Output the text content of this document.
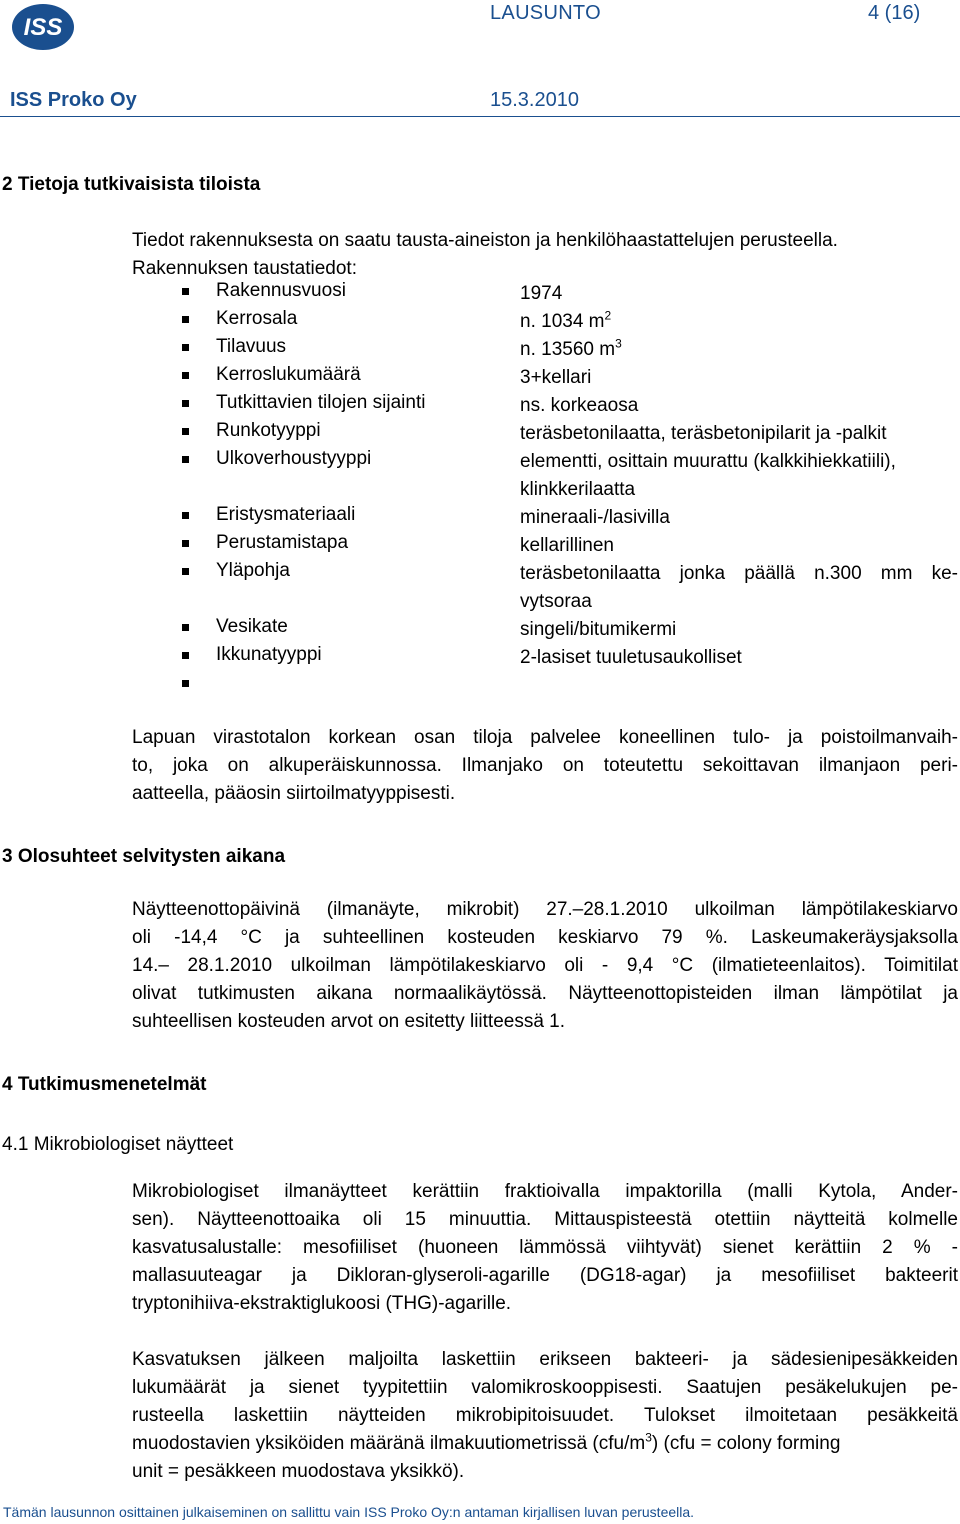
ISS
LAUSUNTO	4 (16)
ISS Proko Oy	15.3.2010
2 Tietoja tutkivaisista tiloista
Tiedot rakennuksesta on saatu tausta-aineiston ja henkilöhaastattelujen perusteella.
Rakennuksen taustatiedot:
Rakennusvuosi	1974
Kerrosala	n. 1034 $m^2$
Tilavuus	n. 13560 $m^3$
Kerroslukumäärä	3+kellari
Tutkittavien tilojen sijainti	ns. korkeaosa
Runkotyyppi	teräsbetonilaatta, teräsbetonipilarit ja -palkit
Ulkoverhoustyyppi	elementti, osittain muurattu (kalkkihiekkatiili),
klinkkerilaatta
Eristysmateriaali	mineraali-/lasivilla
Perustamistapa	kellarillinen
Yläpohja	teräsbetonilaatta jonka päällä n.300 mm ke-
vytsoraa
Vesikate	singeli/bitumikermi
Ikkunatyyppi	2-lasiset tuuletusaukolliset
Lapuan virastotalon korkean osan tiloja palvelee koneellinen tulo- ja poistoilmanvaih-
to, joka on alkuperäiskunnossa. Ilmanjako on toteutettu sekoittavan ilmanjaon peri-
aatteella, pääosin siirtoilmatyyppisesti.
3 Olosuhteet selvitysten aikana
Näytteenottopäivinä (ilmanäyte, mikrobit) 27.–28.1.2010 ulkoilman lämpötilakeskiarvo
oli -14,4 °C ja suhteellinen kosteuden keskiarvo 79 %. Laskeumakeräysjaksolla
14.– 28.1.2010 ulkoilman lämpötilakeskiarvo oli - 9,4 °C (ilmatieteenlaitos). Toimitilat
olivat tutkimusten aikana normaalikäytössä. Näytteenottopisteiden ilman lämpötilat ja
suhteellisen kosteuden arvot on esitetty liitteessä 1.
4 Tutkimusmenetelmät
4.1 Mikrobiologiset näytteet
Mikrobiologiset ilmanäytteet kerättiin fraktioivalla impaktorilla (malli Kytola, Ander-
sen). Näytteenottoaika oli 15 minuuttia. Mittauspisteestä otettiin näytteitä kolmelle
kasvatusalustalle: mesofiiliset (huoneen lämmössä viihtyvät) sienet kerättiin 2 % -
mallasuuteagar ja Dikloran-glyseroli-agarille (DG18-agar) ja mesofiiliset bakteerit
tryptonihiiva-ekstraktiglukoosi (THG)-agarille.
Kasvatuksen jälkeen maljoilta laskettiin erikseen bakteeri- ja sädesienipesäkkeiden
lukumäärät ja sienet tyypitettiin valomikroskooppisesti. Saatujen pesäkelukujen pe-
rusteella laskettiin näytteiden mikrobipitoisuudet. Tulokset ilmoitetaan pesäkkeitä
muodostavien yksiköiden määränä ilmakuutiometrissä $(cfu/m^3) (cfu$ = colony forming
unit = pesäkkeen muodostava yksikkö).
Tämän lausunnon osittainen julkaiseminen on sallittu vain ISS Proko Oy:n antaman kirjallisen luvan perusteella.
